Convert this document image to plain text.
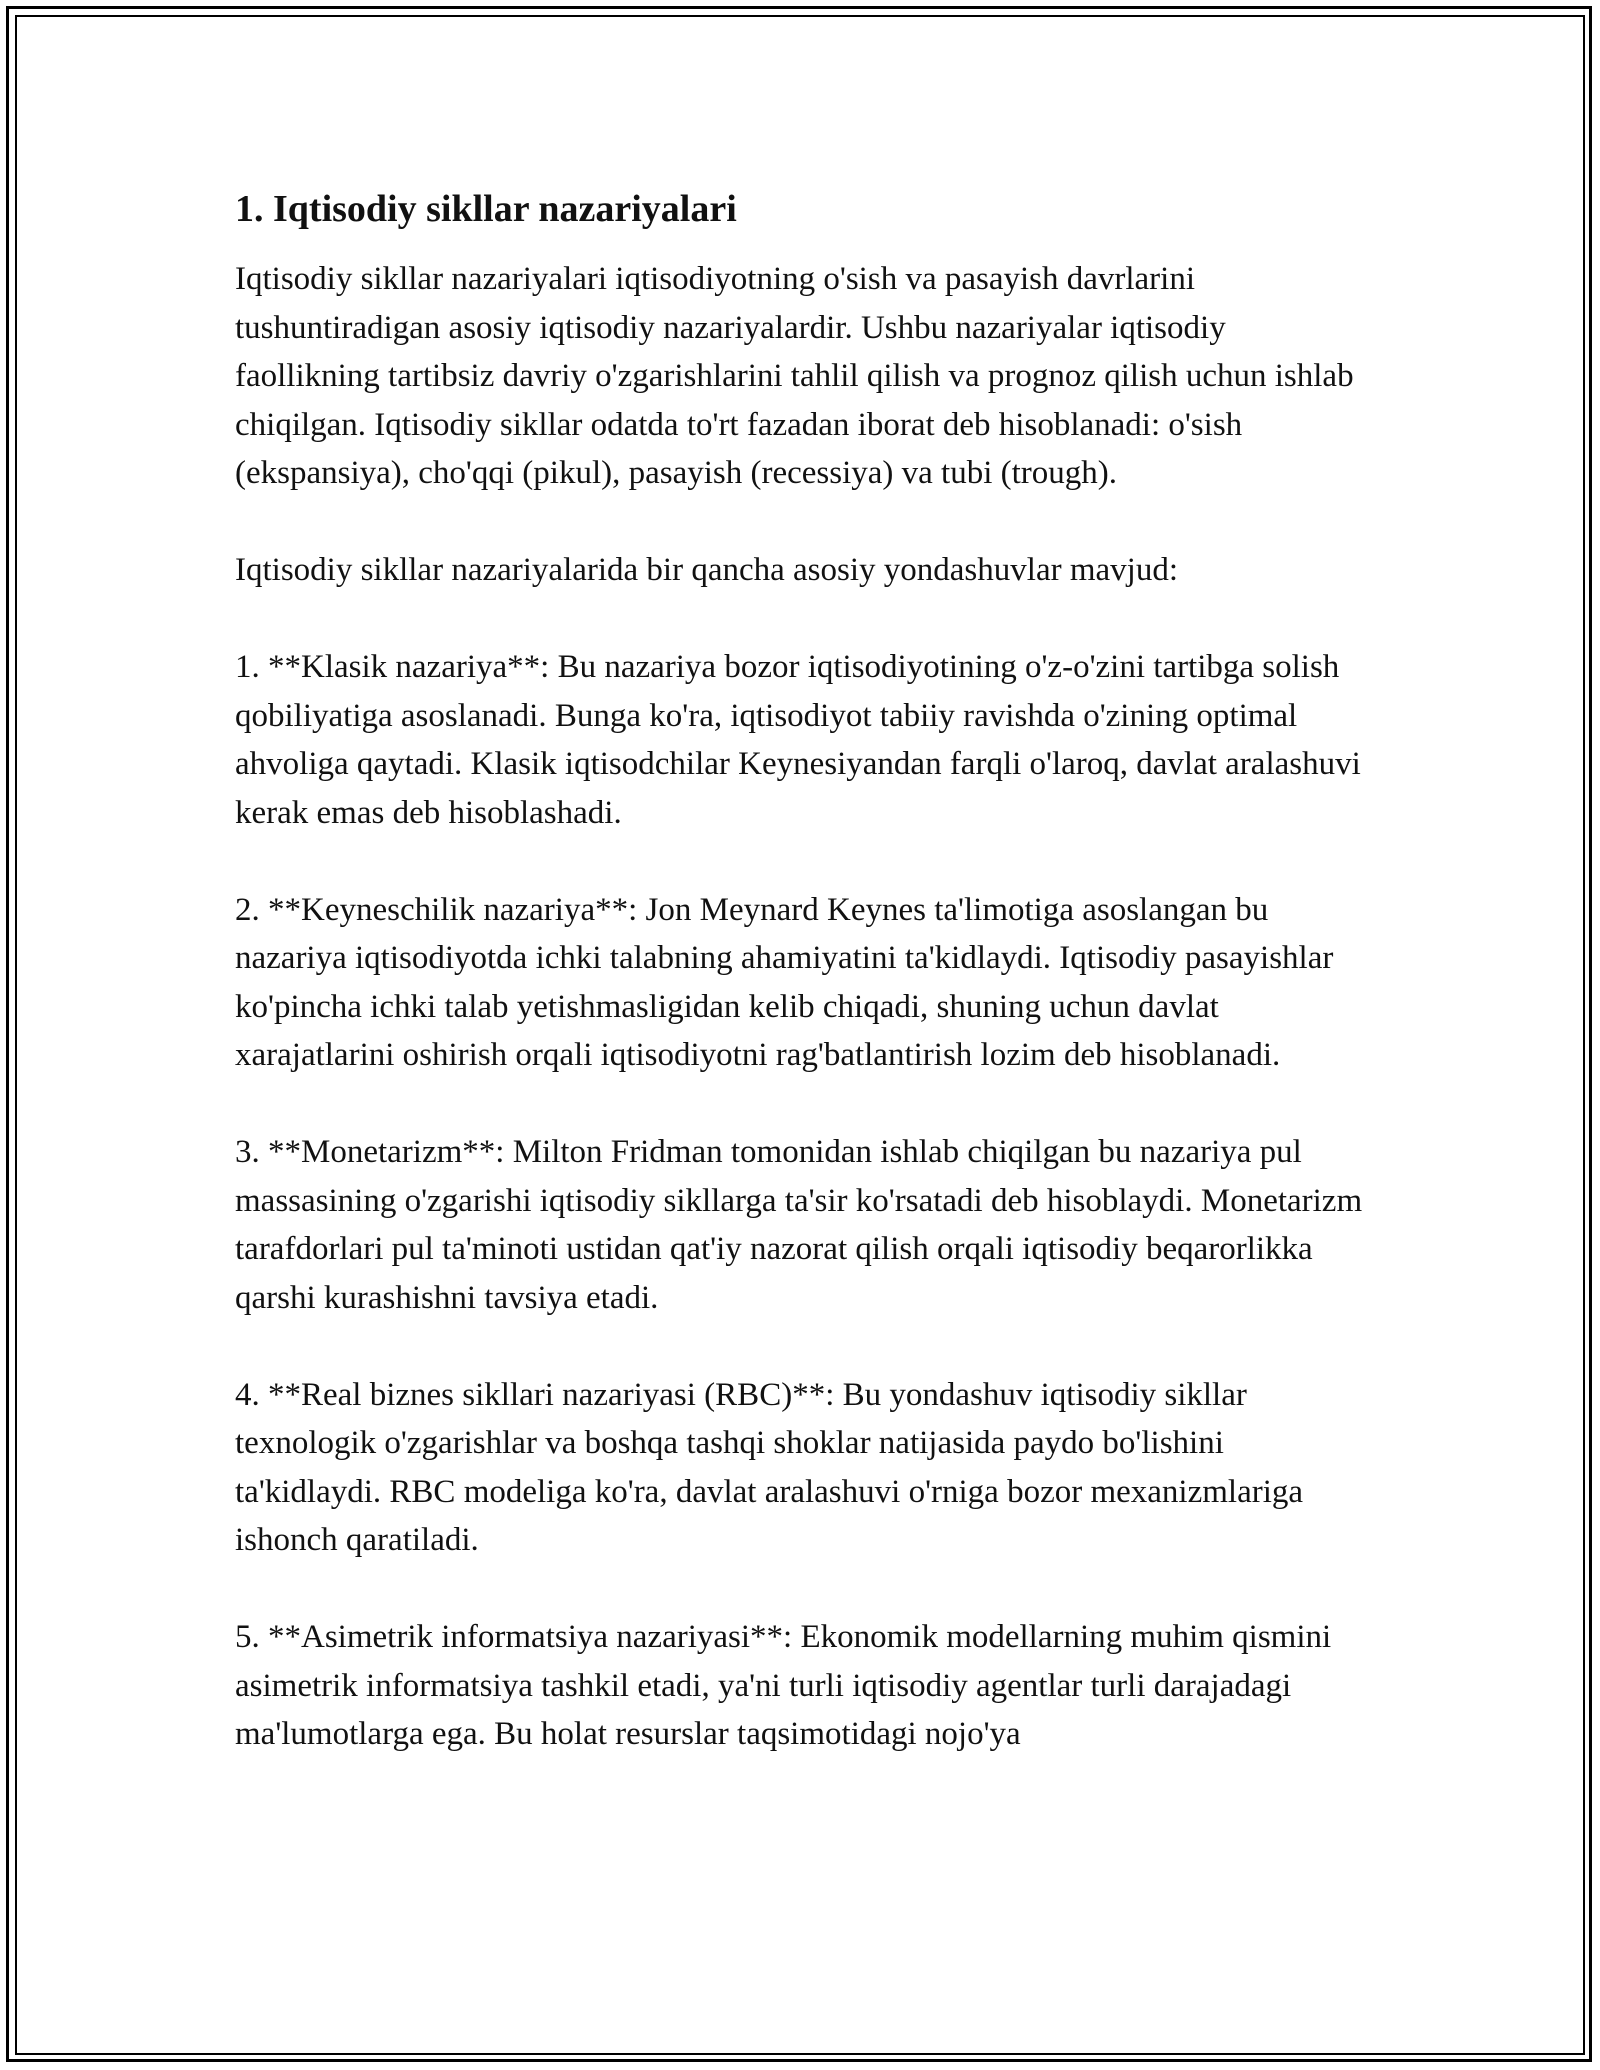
1. Iqtisodiy sikllar nazariyalari

Iqtisodiy sikllar nazariyalari iqtisodiyotning o'sish va pasayish davrlarini tushuntiradigan asosiy iqtisodiy nazariyalardir. Ushbu nazariyalar iqtisodiy faollikning tartibsiz davriy o'zgarishlarini tahlil qilish va prognoz qilish uchun ishlab chiqilgan. Iqtisodiy sikllar odatda to'rt fazadan iborat deb hisoblanadi: o'sish (ekspansiya), cho'qqi (pikul), pasayish (recessiya) va tubi (trough).

Iqtisodiy sikllar nazariyalarida bir qancha asosiy yondashuvlar mavjud:

1. **Klasik nazariya**: Bu nazariya bozor iqtisodiyotining o'z-o'zini tartibga solish qobiliyatiga asoslanadi. Bunga ko'ra, iqtisodiyot tabiiy ravishda o'zining optimal ahvoliga qaytadi. Klasik iqtisodchilar Keynesiyandan farqli o'laroq, davlat aralashuvi kerak emas deb hisoblashadi.

2. **Keyneschilik nazariya**: Jon Meynard Keynes ta'limotiga asoslangan bu nazariya iqtisodiyotda ichki talabning ahamiyatini ta'kidlaydi. Iqtisodiy pasayishlar ko'pincha ichki talab yetishmasligidan kelib chiqadi, shuning uchun davlat xarajatlarini oshirish orqali iqtisodiyotni rag'batlantirish lozim deb hisoblanadi.

3. **Monetarizm**: Milton Fridman tomonidan ishlab chiqilgan bu nazariya pul massasining o'zgarishi iqtisodiy sikllarga ta'sir ko'rsatadi deb hisoblaydi. Monetarizm tarafdorlari pul ta'minoti ustidan qat'iy nazorat qilish orqali iqtisodiy beqarorlikka qarshi kurashishni tavsiya etadi.

4. **Real biznes sikllari nazariyasi (RBC)**: Bu yondashuv iqtisodiy sikllar texnologik o'zgarishlar va boshqa tashqi shoklar natijasida paydo bo'lishini ta'kidlaydi. RBC modeliga ko'ra, davlat aralashuvi o'rniga bozor mexanizmlariga ishonch qaratiladi.

5. **Asimetrik informatsiya nazariyasi**: Ekonomik modellarning muhim qismini asimetrik informatsiya tashkil etadi, ya'ni turli iqtisodiy agentlar turli darajadagi ma'lumotlarga ega. Bu holat resurslar taqsimotidagi nojo'ya
